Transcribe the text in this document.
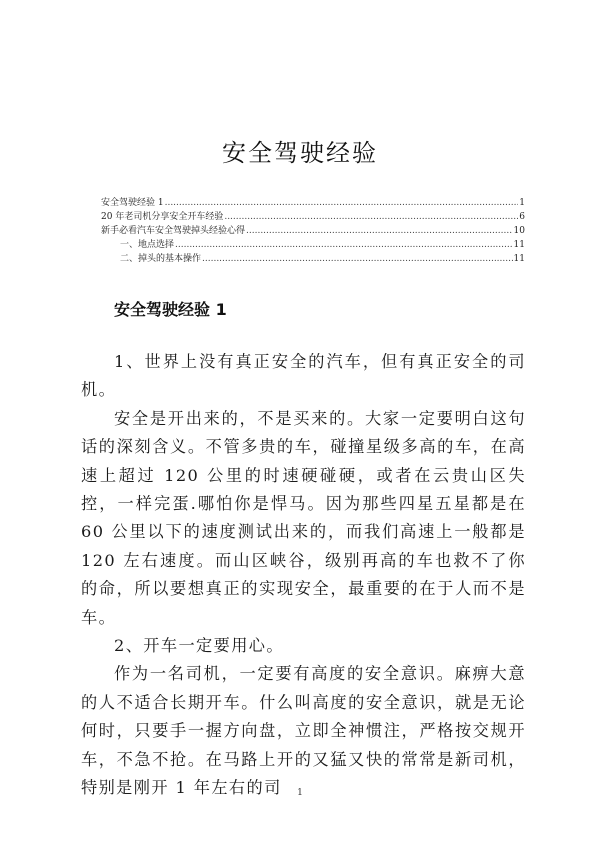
安全驾驶经验
安全驾驶经验 1 .....	1
20 年老司机分享安全开车经验 .....	6
新手必看汽车安全驾驶掉头经验心得 .....	10
一、地点选择 .....	11
二、掉头的基本操作 .....	11
安全驾驶经验 1

1、世界上没有真正安全的汽车，但有真正安全的司机。

安全是开出来的，不是买来的。大家一定要明白这句话的深刻含义。不管多贵的车，碰撞星级多高的车，在高速上超过 120 公里的时速硬碰硬，或者在云贵山区失控，一样完蛋.哪怕你是悍马。因为那些四星五星都是在 60 公里以下的速度测试出来的，而我们高速上一般都是 120 左右速度。而山区峡谷，级别再高的车也救不了你的命，所以要想真正的实现安全，最重要的在于人而不是车。

2、开车一定要用心。

作为一名司机，一定要有高度的安全意识。麻痹大意的人不适合长期开车。什么叫高度的安全意识，就是无论何时，只要手一握方向盘，立即全神惯注，严格按交规开车，不急不抢。在马路上开的又猛又快的常常是新司机，特别是刚开 1 年左右的司	1
